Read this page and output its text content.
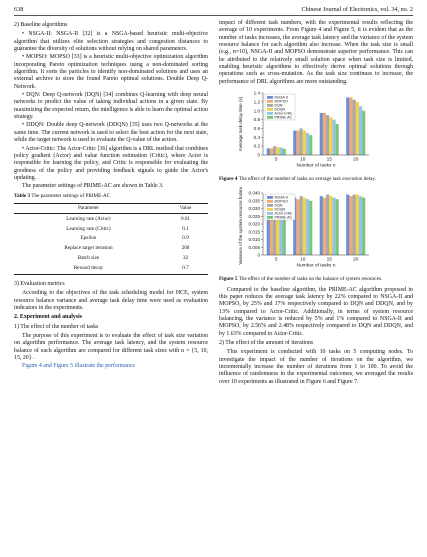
638	Chinese Journal of Electronics, vol. 34, no. 2
2) Baseline algorithms

• NSGA-II: NSGA-II [32] is a NSGA-based heuristic multi-objective algorithm that utilizes elite selection strategies and congestion distances to guarantee the diversity of solutions without relying on shared parameters.

• MOPSO: MOPSO [33] is a heuristic multi-objective optimization algorithm incorporating Pareto optimization techniques using a non-dominated sorting algorithm. It sorts the particles to identify non-dominated solutions and uses an external archive to store the found Pareto optimal solutions. Double Deep Q-Network.

• DQN: Deep Q-network (DQN) [34] combines Q-learning with deep neural networks to predict the value of taking individual actions in a given state. By maximizing the expected return, the intelligence is able to learn the optimal action strategy.

• DDQN: Double deep Q-network (DDQN) [35] uses two Q-networks at the same time. The current network is used to select the best action for the next state, while the target network is used to evaluate the Q-value of the action.

• Actor-Critic: The Actor-Critic [36] algorithm is a DRL method that combines policy gradient (Actor) and value function estimation (Critic), where Actor is responsible for learning the policy, and Critic is responsible for evaluating the goodness of the policy and providing feedback signals to guide the Actor's updating.

The parameter settings of PRIME-AC are shown in Table 3.

Table 3 The parameter settings of PRIME-AC
Parameter	Value
Learning rate (Actor)	0.01
Learning rate (Critic)	0.1
Epsilon	0.9
Replace target iteration	200
Batch size	32
Reward decay	0.7
3) Evaluation metrics

According to the objectives of the task scheduling model for HCE, system resource balance variance and average task delay time were used as evaluation indicators in the experiments.

2. Experiment and analysis
1) The effect of the number of tasks

The purpose of this experiment is to evaluate the effect of task size variation on algorithm performance. The average task latency, and the system resource balance of each algorithm are compared for different task sizes with n = {5, 10, 15, 20} .

Figure 4 and Figure 5 illustrate the performance

impact of different task numbers, with the experimental results reflecting the average of 10 experiments. From Figure 4 and Figure 5, it is evident that as the number of tasks increases, the average task latency and the variance of the system resource balance for each algorithm also increase. When the task size is small (e.g., n=10), NSGA-II and MOPSO demonstrate superior performance. This can be attributed to the relatively small solution space when task size is limited, enabling heuristic algorithms to effectively derive optimal solutions through operations such as cross-mutation. As the task size continues to increase, the performance of DRL algorithms are more outstanding.

0
0.2
0.4
0.6
0.8
1.0
1.2
1.4
5	10	15	20
Number of tasks n
Average task delay time (s)	NSGA-II
MOPSO
DQN
DDQN
Actor-Critic
PRIME-AC
Figure 4 The effect of the number of tasks on average task execution delay.
0
0.005
0.010
0.015
0.020
0.025
0.030
0.035
0.040
5	10	15	20
Number of tasks n
Variance of the system resource balance	NSGA-II
MOPSO
DQN
DDQN
Actor-Critic
PRIME-AC
Figure 5 The effect of the number of tasks on the balance of system resources.

Compared to the baseline algorithm, the PRIME-AC algorithm proposed in this paper reduces the average task latency by 22% compared to NSGA-II and MOPSO, by 25% and 17% respectively compared to DQN and DDQN, and by 13% compared to Actor-Critic. Additionally, in terms of system resource balancing, the variance is reduced by 5% and 1% compared to NSGA-II and MOPSO, by 2.56% and 2.48% respectively compared to DQN and DDQN, and by 1.63% compared to Actor-Critic.

2) The effect of the amount of iterations

This experiment is conducted with 10 tasks on 5 computing nodes. To investigate the impact of the number of iterations on the algorithm, we incrementally increase the number of iterations from 1 to 100. To avoid the influence of randomness in the experimental outcomes, we averaged the results over 10 experiments as illustrated in Figure 6 and Figure 7.
